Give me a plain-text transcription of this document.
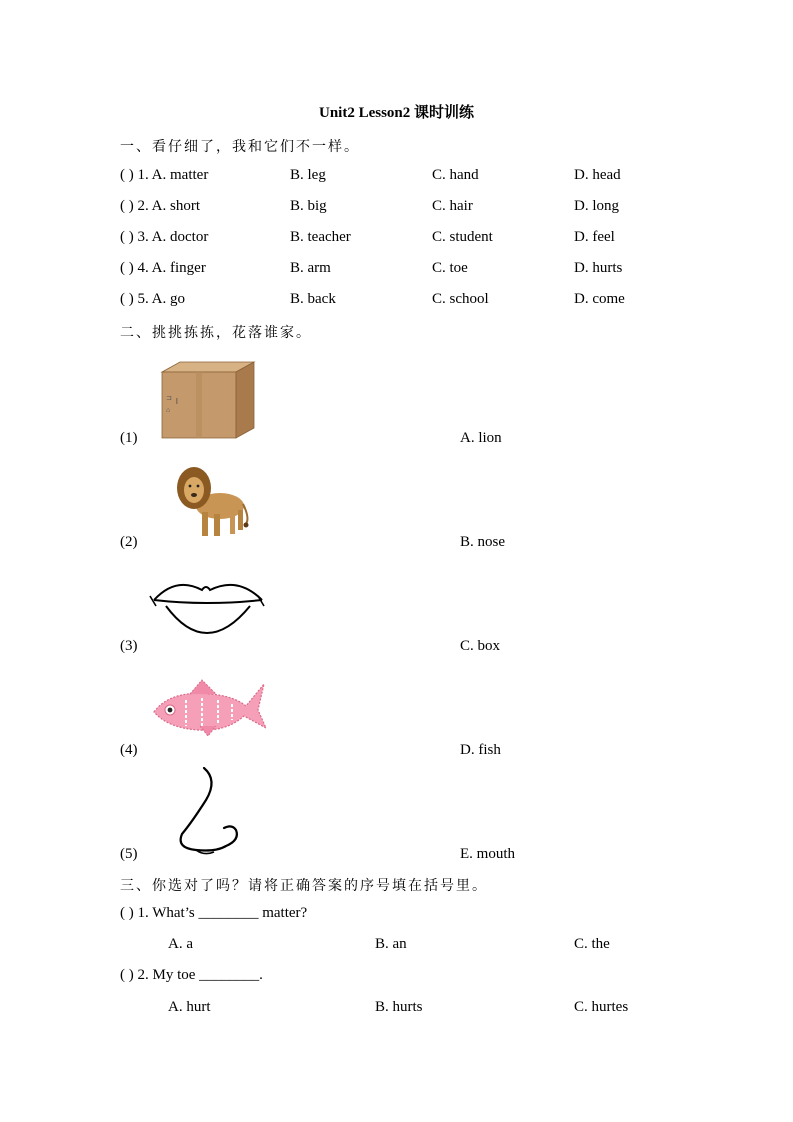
Unit2 Lesson2 课时训练
一、看仔细了，我和它们不一样。
( ) 1. A. matter	B. leg	C. hand	D. head
( ) 2. A. short	B. big	C. hair	D. long
( ) 3. A. doctor	B. teacher	C. student	D. feel
( ) 4. A. finger	B. arm	C. toe	D. hurts
( ) 5. A. go	B. back	C. school	D. come
二、挑挑拣拣，花落谁家。
⊐
⌂
l
(1)	A. lion
(2)	B. nose
(3)	C. box
(4)	D. fish
(5)	E. mouth
三、你选对了吗？请将正确答案的序号填在括号里。
( ) 1. What’s ________ matter?
A. a	B. an	C. the
( ) 2. My toe ________.
A. hurt	B. hurts	C. hurtes
